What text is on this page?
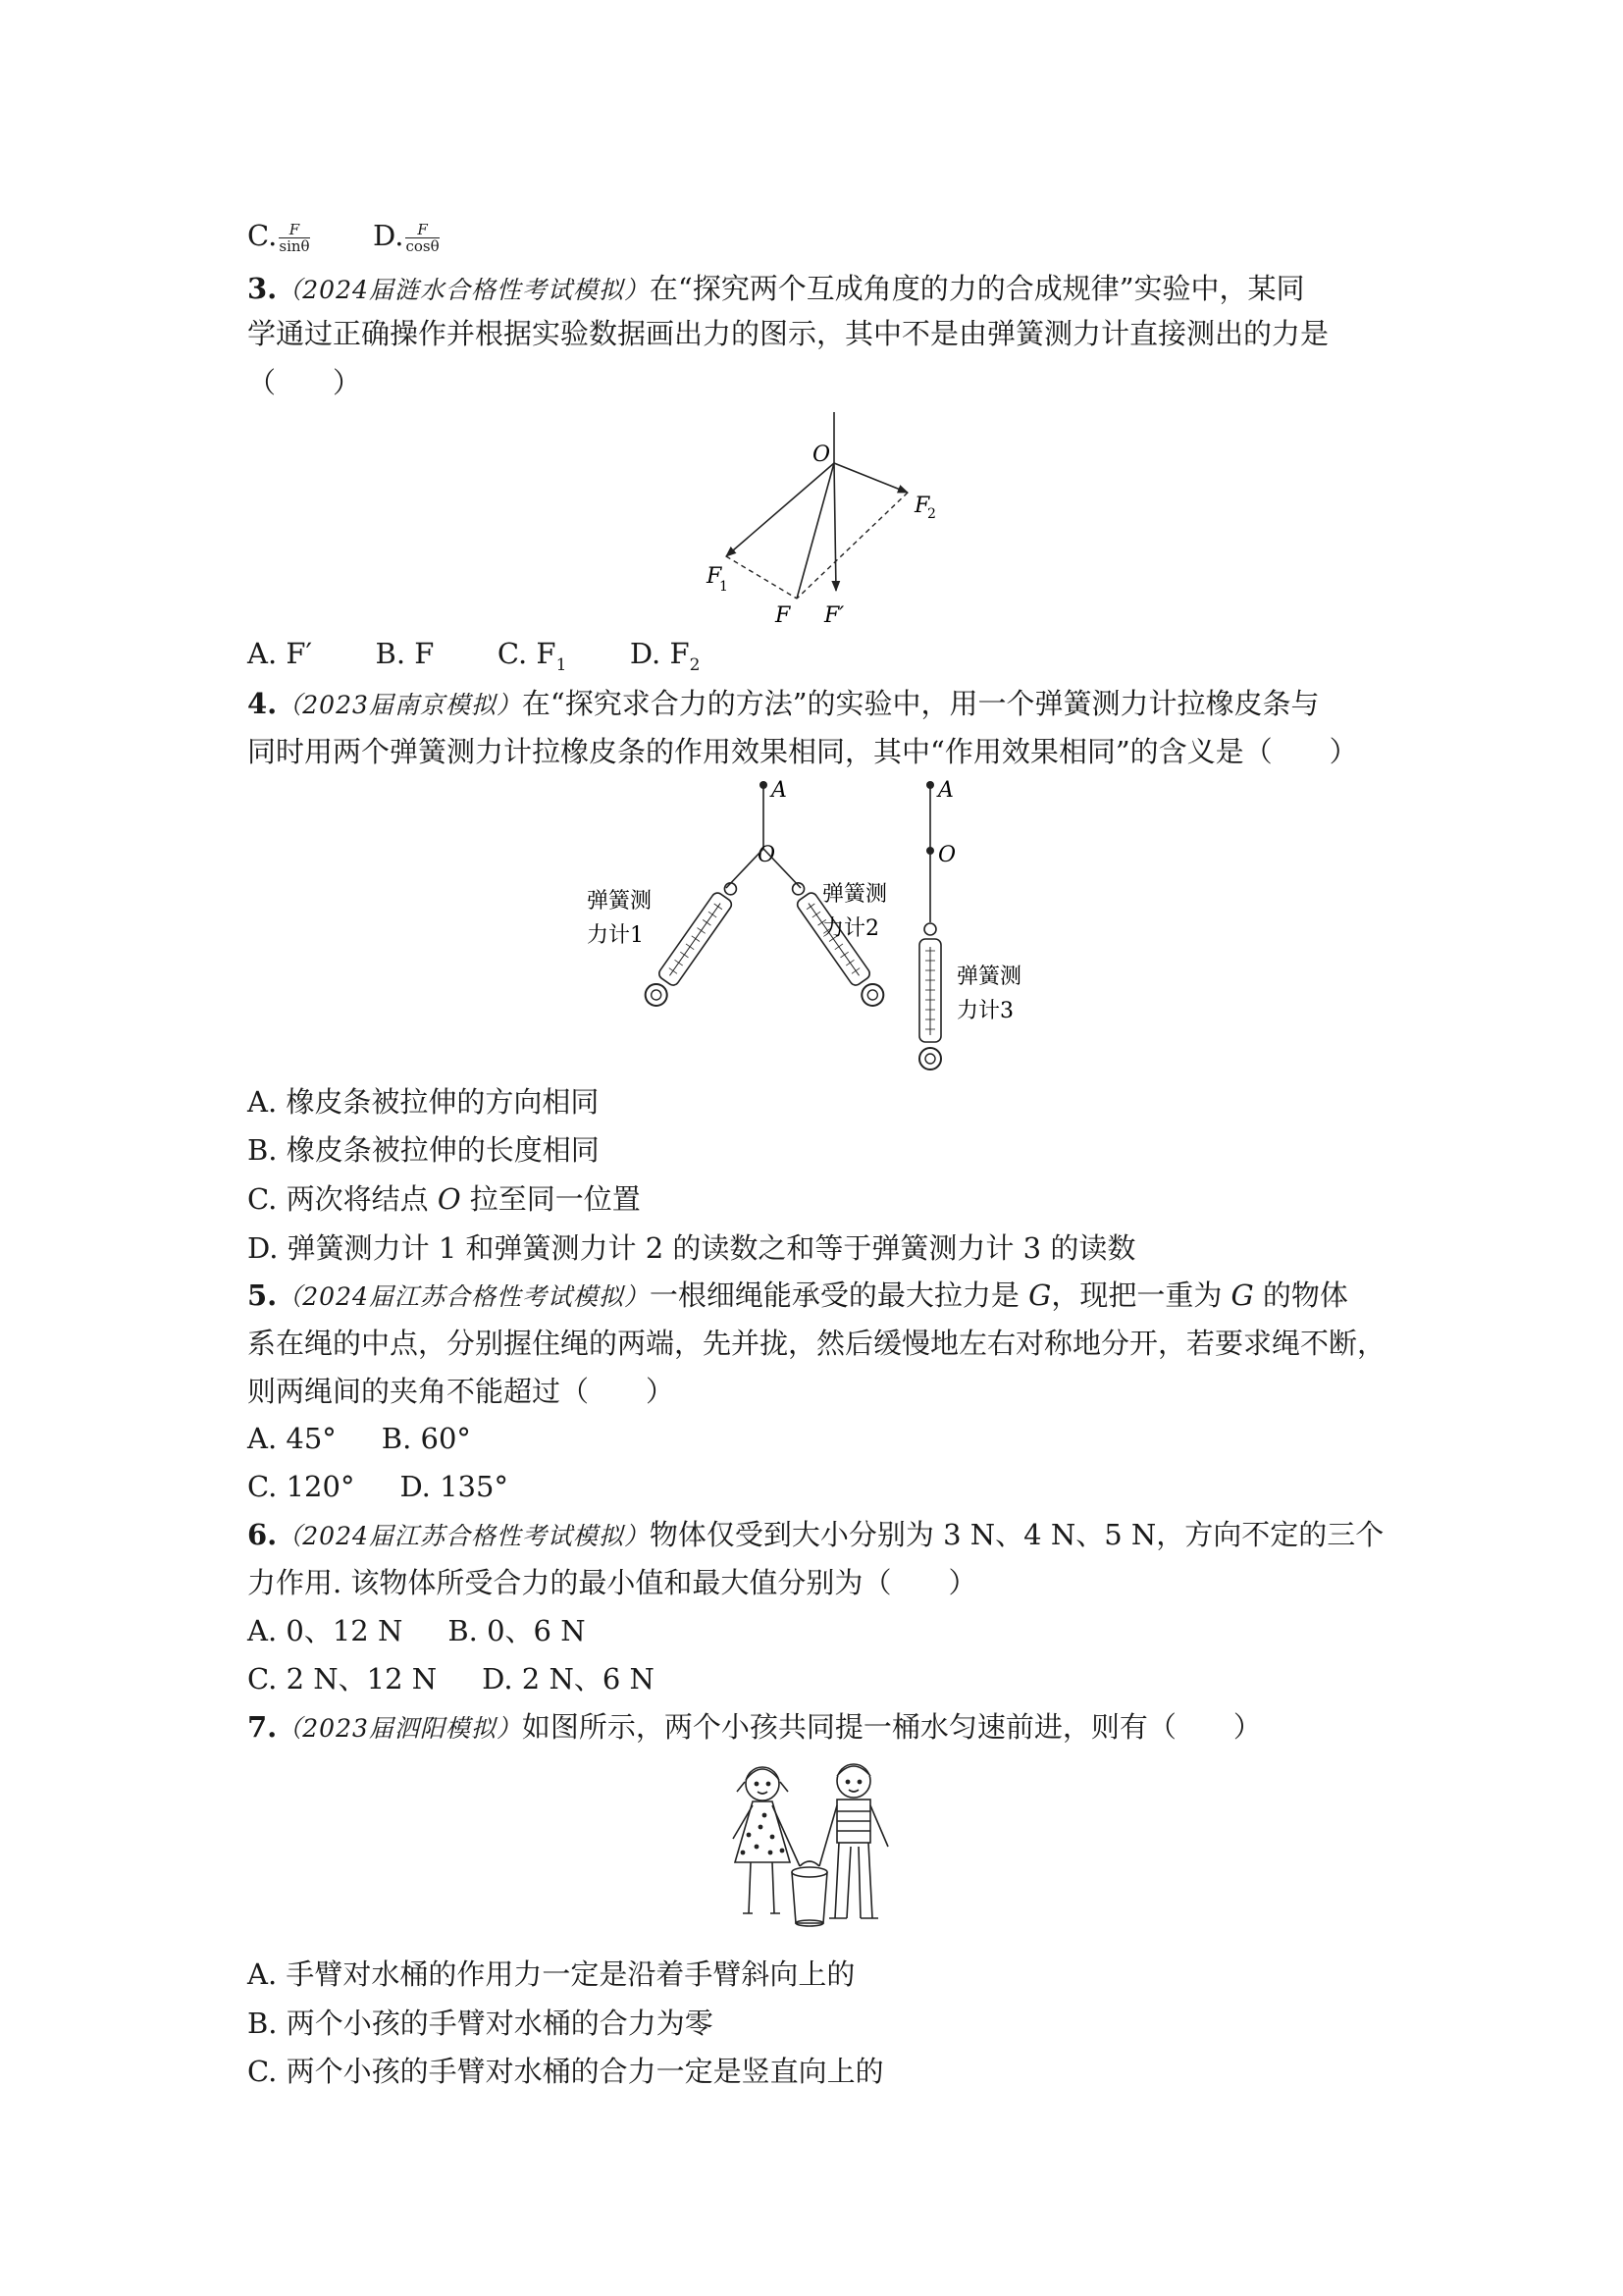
C. $\frac{F}{\sin\theta} D$. $\frac{F}{\cos\theta}$
3.（2024届涟水合格性考试模拟）在“探究两个互成角度的力的合成规律”实验中，某同
学通过正确操作并根据实验数据画出力的图示，其中不是由弹簧测力计直接测出的力是
（　　）
O
F
1
F
2
F F′
A. F′ B. F C. $F_1$ D. $F_2$
4.（2023届南京模拟）在“探究求合力的方法”的实验中，用一个弹簧测力计拉橡皮条与
同时用两个弹簧测力计拉橡皮条的作用效果相同，其中“作用效果相同”的含义是（　　）
A
O
弹簧测
力计1
弹簧测
力计2
A
O
弹簧测
力计3
A. 橡皮条被拉伸的方向相同
B. 橡皮条被拉伸的长度相同
C. 两次将结点 O 拉至同一位置
D. 弹簧测力计 1 和弹簧测力计 2 的读数之和等于弹簧测力计 3 的读数
5.（2024届江苏合格性考试模拟）一根细绳能承受的最大拉力是 G，现把一重为 G 的物体
系在绳的中点，分别握住绳的两端，先并拢，然后缓慢地左右对称地分开，若要求绳不断，
则两绳间的夹角不能超过（　　）
A. 45° B. 60°
C. 120° D. 135°
6.（2024届江苏合格性考试模拟）物体仅受到大小分别为 3 N、4 N、5 N，方向不定的三个
力作用. 该物体所受合力的最小值和最大值分别为（　　）
A. 0、12 N B. 0、6 N
C. 2 N、12 N D. 2 N、6 N
7.（2023届泗阳模拟）如图所示，两个小孩共同提一桶水匀速前进，则有（　　）
A. 手臂对水桶的作用力一定是沿着手臂斜向上的
B. 两个小孩的手臂对水桶的合力为零
C. 两个小孩的手臂对水桶的合力一定是竖直向上的
